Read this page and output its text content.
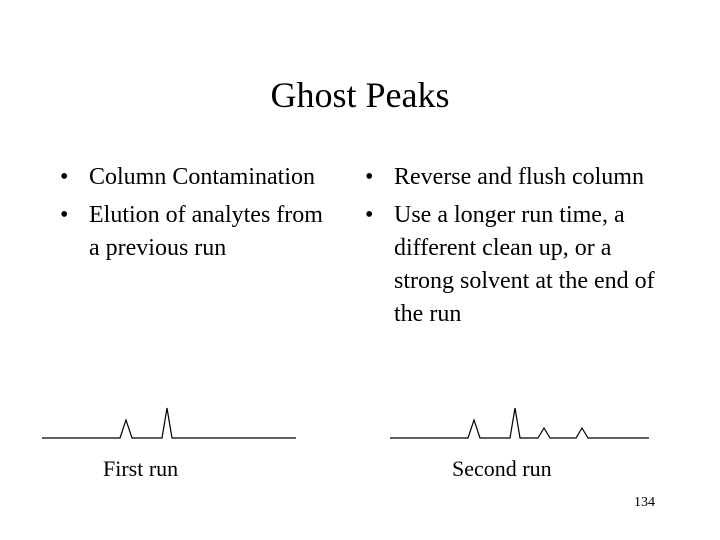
Ghost Peaks
• Column Contamination
• Elution of analytes from a previous run
• Reverse and flush column
• Use a longer run time, a different clean up, or a strong solvent at the end of the run
First run	Second run
134
